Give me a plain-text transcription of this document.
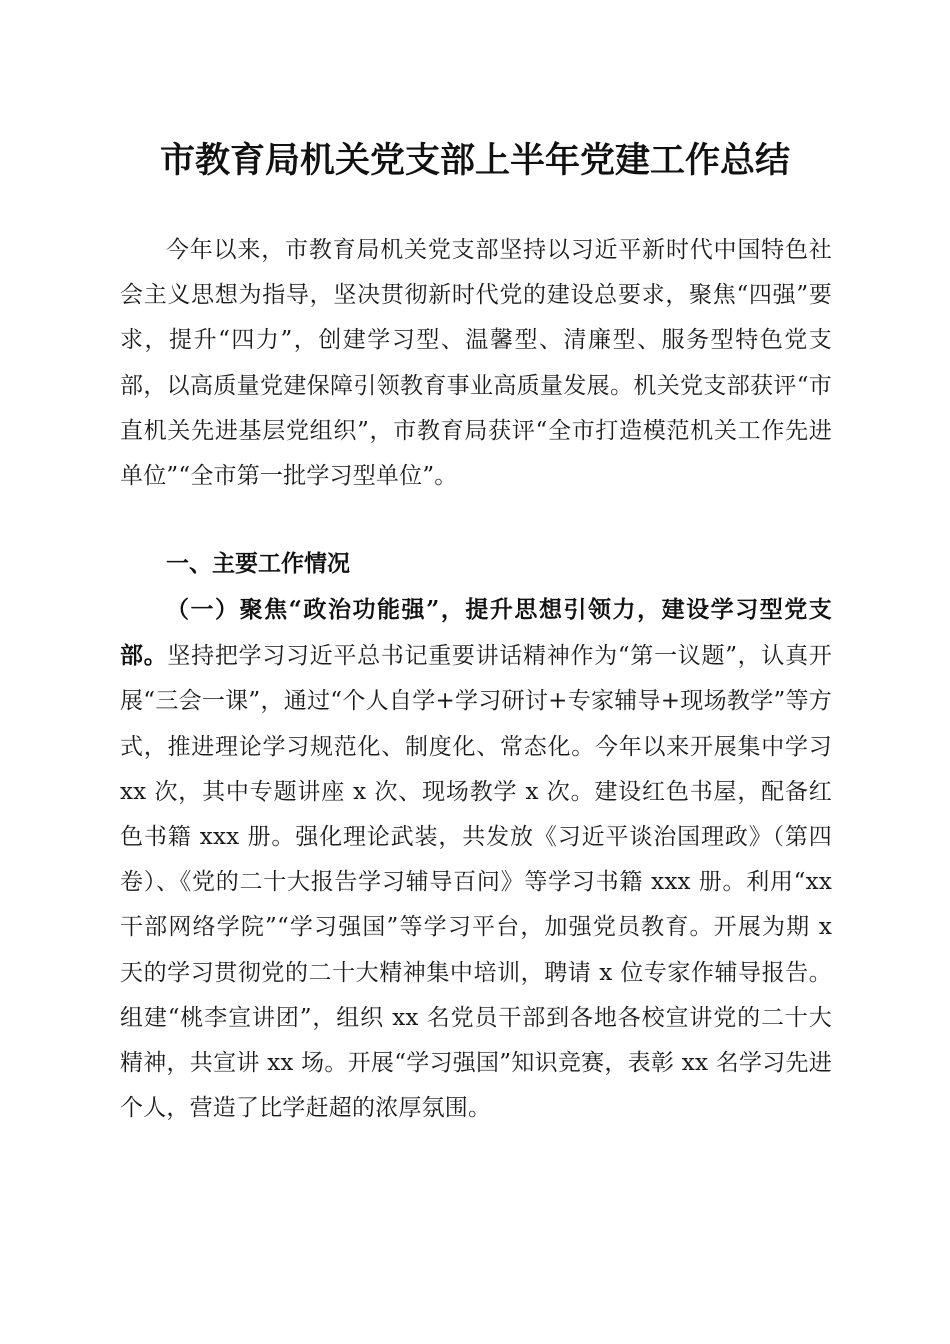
市教育局机关党支部上半年党建工作总结

今年以来，市教育局机关党支部坚持以习近平新时代中国特色社会主义思想为指导，坚决贯彻新时代党的建设总要求，聚焦“四强”要求，提升“四力”，创建学习型、温馨型、清廉型、服务型特色党支部，以高质量党建保障引领教育事业高质量发展。机关党支部获评“市直机关先进基层党组织”，市教育局获评“全市打造模范机关工作先进单位”“全市第一批学习型单位”。

一、主要工作情况

（一）聚焦“政治功能强”，提升思想引领力，建设学习型党支部。坚持把学习习近平总书记重要讲话精神作为“第一议题”，认真开展“三会一课”，通过“个人自学+学习研讨+专家辅导+现场教学”等方式，推进理论学习规范化、制度化、常态化。今年以来开展集中学习 xx 次，其中专题讲座 x 次、现场教学 x 次。建设红色书屋，配备红色书籍 xxx 册。强化理论武装，共发放《习近平谈治国理政》（第四卷）、《党的二十大报告学习辅导百问》等学习书籍 xxx 册。利用“xx 干部网络学院”“学习强国”等学习平台，加强党员教育。开展为期 x 天的学习贯彻党的二十大精神集中培训，聘请 x 位专家作辅导报告。组建“桃李宣讲团”，组织 xx 名党员干部到各地各校宣讲党的二十大精神，共宣讲 xx 场。开展“学习强国”知识竞赛，表彰 xx 名学习先进个人，营造了比学赶超的浓厚氛围。
